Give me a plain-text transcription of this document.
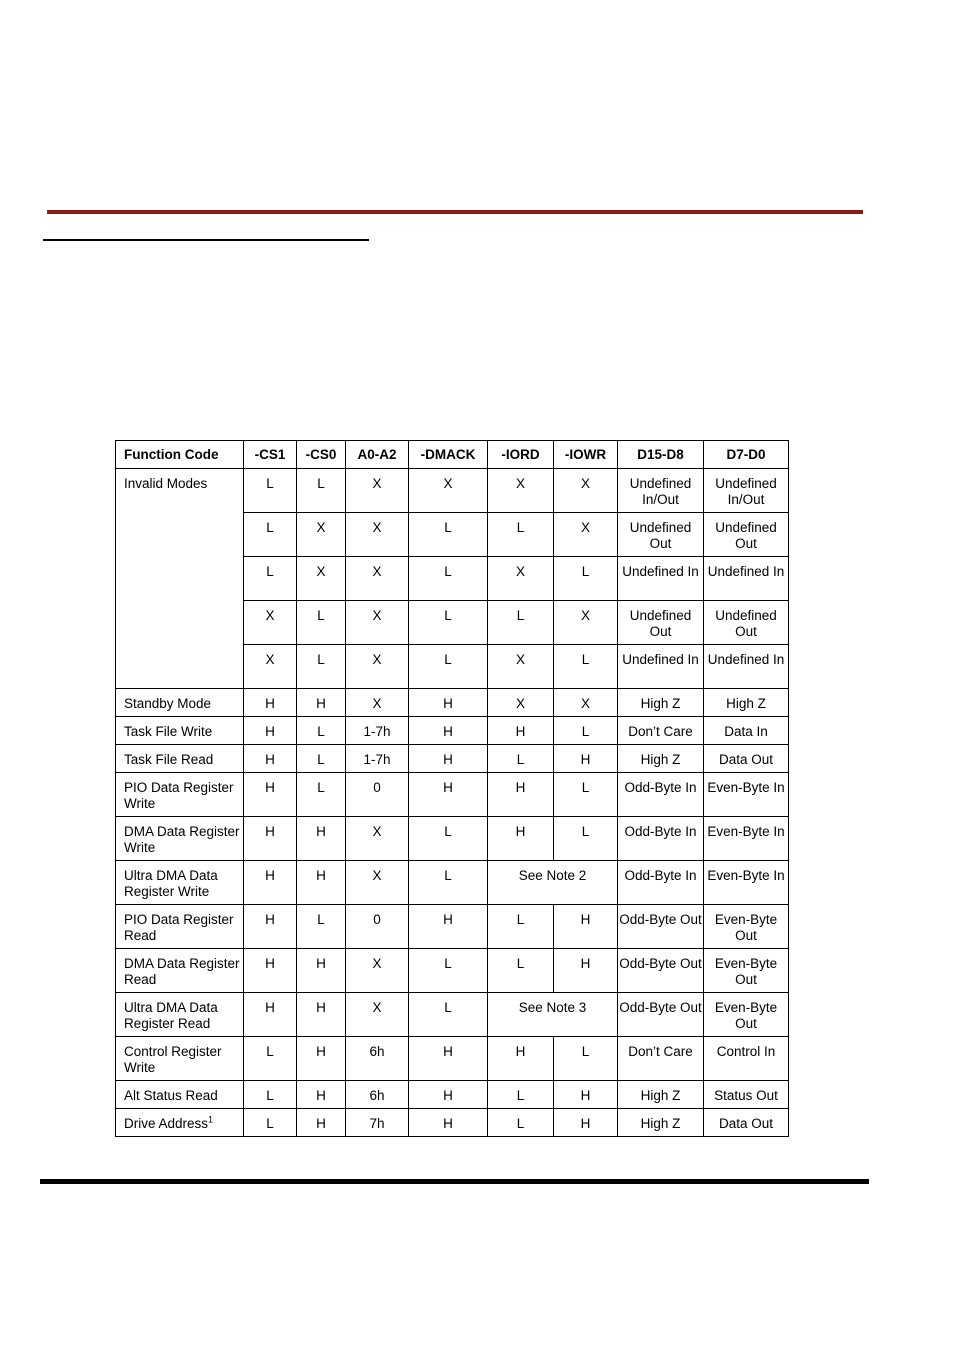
Function Code	-CS1	-CS0	A0-A2	-DMACK	-IORD	-IOWR	D15-D8	D7-D0
Invalid Modes	L	L	X	X	X	X	Undefined In/Out	Undefined In/Out
	L	X	X	L	L	X	Undefined Out	Undefined Out
	L	X	X	L	X	L	Undefined In	Undefined In
	X	L	X	L	L	X	Undefined Out	Undefined Out
	X	L	X	L	X	L	Undefined In	Undefined In
Standby Mode	H	H	X	H	X	X	High Z	High Z
Task File Write	H	L	1-7h	H	H	L	Don’t Care	Data In
Task File Read	H	L	1-7h	H	L	H	High Z	Data Out
PIO Data Register Write	H	L	0	H	H	L	Odd-Byte In	Even-Byte In
DMA Data Register Write	H	H	X	L	H	L	Odd-Byte In	Even-Byte In
Ultra DMA Data Register Write	H	H	X	L	See Note 2		Odd-Byte In	Even-Byte In
PIO Data Register Read	H	L	0	H	L	H	Odd-Byte Out	Even-Byte Out
DMA Data Register Read	H	H	X	L	L	H	Odd-Byte Out	Even-Byte Out
Ultra DMA Data Register Read	H	H	X	L	See Note 3		Odd-Byte Out	Even-Byte Out
Control Register Write	L	H	6h	H	H	L	Don’t Care	Control In
Alt Status Read	L	H	6h	H	L	H	High Z	Status Out
Drive Address$^1$	L	H	7h	H	L	H	High Z	Data Out
